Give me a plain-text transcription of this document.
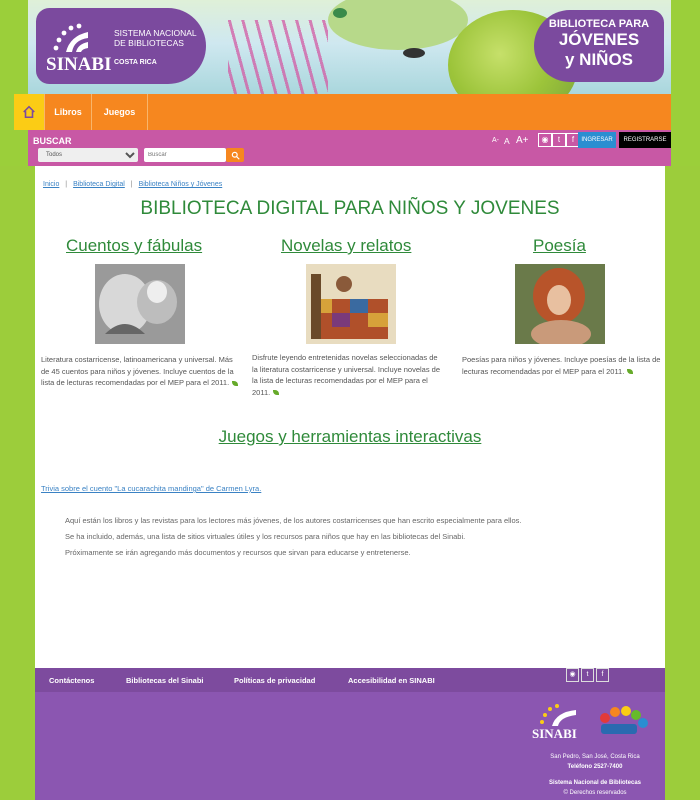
SINABI
SISTEMA NACIONAL DE BIBLIOTECAS
COSTA RICA
BIBLIOTECA PARA
JÓVENES
y NIÑOS
Libros	Juegos
BUSCAR
Todos
Buscar	A- A A+	◉	t	f	INGRESAR	REGISTRARSE
Inicio | Biblioteca Digital | Biblioteca Niños y Jóvenes
BIBLIOTECA DIGITAL PARA NIÑOS Y JOVENES
Cuentos y fábulas
Literatura costarricense, latinoamericana y universal. Más de 45 cuentos para niños y jóvenes. Incluye cuentos de la lista de lecturas recomendadas por el MEP para el 2011.
Novelas y relatos
Disfrute leyendo entretenidas novelas seleccionadas de la literatura costarricense y universal. Incluye novelas de la lista de lecturas recomendadas por el MEP para el 2011.
Poesía
Poesías para niños y jóvenes. Incluye poesías de la lista de lecturas recomendadas por el MEP para el 2011.
Juegos y herramientas interactivas
Trivia sobre el cuento "La cucarachita mandinga" de Carmen Lyra.
Aquí están los libros y las revistas para los lectores más jóvenes, de los autores costarricenses que han escrito especialmente para ellos.
Se ha incluido, además, una lista de sitios virtuales útiles y los recursos para niños que hay en las bibliotecas del Sinabi.
Próximamente se irán agregando más documentos y recursos que sirvan para educarse y entretenerse.
Contáctenos	Bibliotecas del Sinabi	Políticas de privacidad	Accesibilidad en SINABI
◉	t	f
SINABI
San Pedro, San José, Costa Rica
Teléfono 2527-7400
Sistema Nacional de Bibliotecas
© Derechos reservados
